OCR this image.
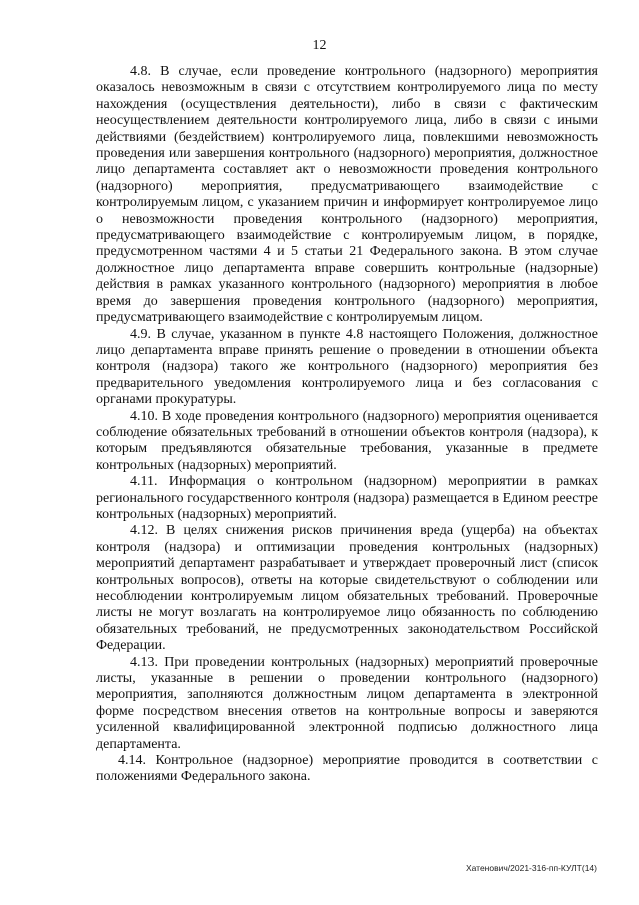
12

4.8. В случае, если проведение контрольного (надзорного) мероприятия оказалось невозможным в связи с отсутствием контролируемого лица по месту нахождения (осуществления деятельности), либо в связи с фактическим неосуществлением деятельности контролируемого лица, либо в связи с иными действиями (бездействием) контролируемого лица, повлекшими невозможность проведения или завершения контрольного (надзорного) мероприятия, должностное лицо департамента составляет акт о невозможности проведения контрольного (надзорного) мероприятия, предусматривающего взаимодействие с контролируемым лицом, с указанием причин и информирует контролируемое лицо о невозможности проведения контрольного (надзорного) мероприятия, предусматривающего взаимодействие с контролируемым лицом, в порядке, предусмотренном частями 4 и 5 статьи 21 Федерального закона. В этом случае должностное лицо департамента вправе совершить контрольные (надзорные) действия в рамках указанного контрольного (надзорного) мероприятия в любое время до завершения проведения контрольного (надзорного) мероприятия, предусматривающего взаимодействие с контролируемым лицом.

4.9. В случае, указанном в пункте 4.8 настоящего Положения, должностное лицо департамента вправе принять решение о проведении в отношении объекта контроля (надзора) такого же контрольного (надзорного) мероприятия без предварительного уведомления контролируемого лица и без согласования с органами прокуратуры.

4.10. В ходе проведения контрольного (надзорного) мероприятия оценивается соблюдение обязательных требований в отношении объектов контроля (надзора), к которым предъявляются обязательные требования, указанные в предмете контрольных (надзорных) мероприятий.

4.11. Информация о контрольном (надзорном) мероприятии в рамках регионального государственного контроля (надзора) размещается в Едином реестре контрольных (надзорных) мероприятий.

4.12. В целях снижения рисков причинения вреда (ущерба) на объектах контроля (надзора) и оптимизации проведения контрольных (надзорных) мероприятий департамент разрабатывает и утверждает проверочный лист (список контрольных вопросов), ответы на которые свидетельствуют о соблюдении или несоблюдении контролируемым лицом обязательных требований. Проверочные листы не могут возлагать на контролируемое лицо обязанность по соблюдению обязательных требований, не предусмотренных законодательством Российской Федерации.

4.13. При проведении контрольных (надзорных) мероприятий проверочные листы, указанные в решении о проведении контрольного (надзорного) мероприятия, заполняются должностным лицом департамента в электронной форме посредством внесения ответов на контрольные вопросы и заверяются усиленной квалифицированной электронной подписью должностного лица департамента.

4.14. Контрольное (надзорное) мероприятие проводится в соответствии с положениями Федерального закона.

Хатенович/2021-316-пп-КУЛТ(14)
